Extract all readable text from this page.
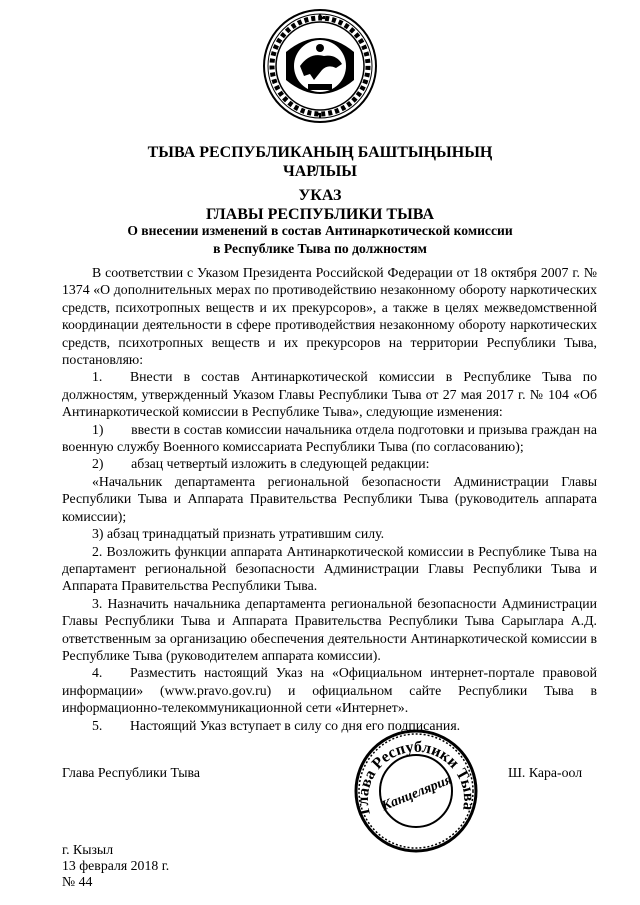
ТЫВА РЕСПУБЛИКАНЫҢ БАШТЫҢЫНЫҢ
ЧАРЛЫЫ
УКАЗ
ГЛАВЫ РЕСПУБЛИКИ ТЫВА
О внесении изменений в состав Антинаркотической комиссии
в Республике Тыва по должностям

В соответствии с Указом Президента Российской Федерации от 18 октября 2007 г. № 1374 «О дополнительных мерах по противодействию незаконному обороту наркотических средств, психотропных веществ и их прекурсоров», а также в целях межведомственной координации деятельности в сфере противодействия незаконному обороту наркотических средств, психотропных веществ и их прекурсоров на территории Республики Тыва, постановляю:

1.  Внести в состав Антинаркотической комиссии в Республике Тыва по должностям, утвержденный Указом Главы Республики Тыва от 27 мая 2017 г. № 104 «Об Антинаркотической комиссии в Республике Тыва», следующие изменения:

1)  ввести в состав комиссии начальника отдела подготовки и призыва граждан на военную службу Военного комиссариата Республики Тыва (по согласованию);

2)  абзац четвертый изложить в следующей редакции:

«Начальник департамента региональной безопасности Администрации Главы Республики Тыва и Аппарата Правительства Республики Тыва (руководитель аппарата комиссии);

3) абзац тринадцатый признать утратившим силу.

2. Возложить функции аппарата Антинаркотической комиссии в Республике Тыва на департамент региональной безопасности Администрации Главы Республики Тыва и Аппарата Правительства Республики Тыва.

3. Назначить начальника департамента региональной безопасности Администрации Главы Республики Тыва и Аппарата Правительства Республики Тыва Сарыглара А.Д. ответственным за организацию обеспечения деятельности Антинаркотической комиссии в Республике Тыва (руководителем аппарата комиссии).

4.  Разместить настоящий Указ на «Официальном интернет-портале правовой информации» (www.pravo.gov.ru) и официальном сайте Республики Тыва в информационно-телекоммуникационной сети «Интернет».

5.  Настоящий Указ вступает в силу со дня его подписания.

Глава Республики Тыва
Глава Республики Тыва
Канцелярия	Ш. Кара-оол
г. Кызыл
13 февраля 2018 г.
№ 44
